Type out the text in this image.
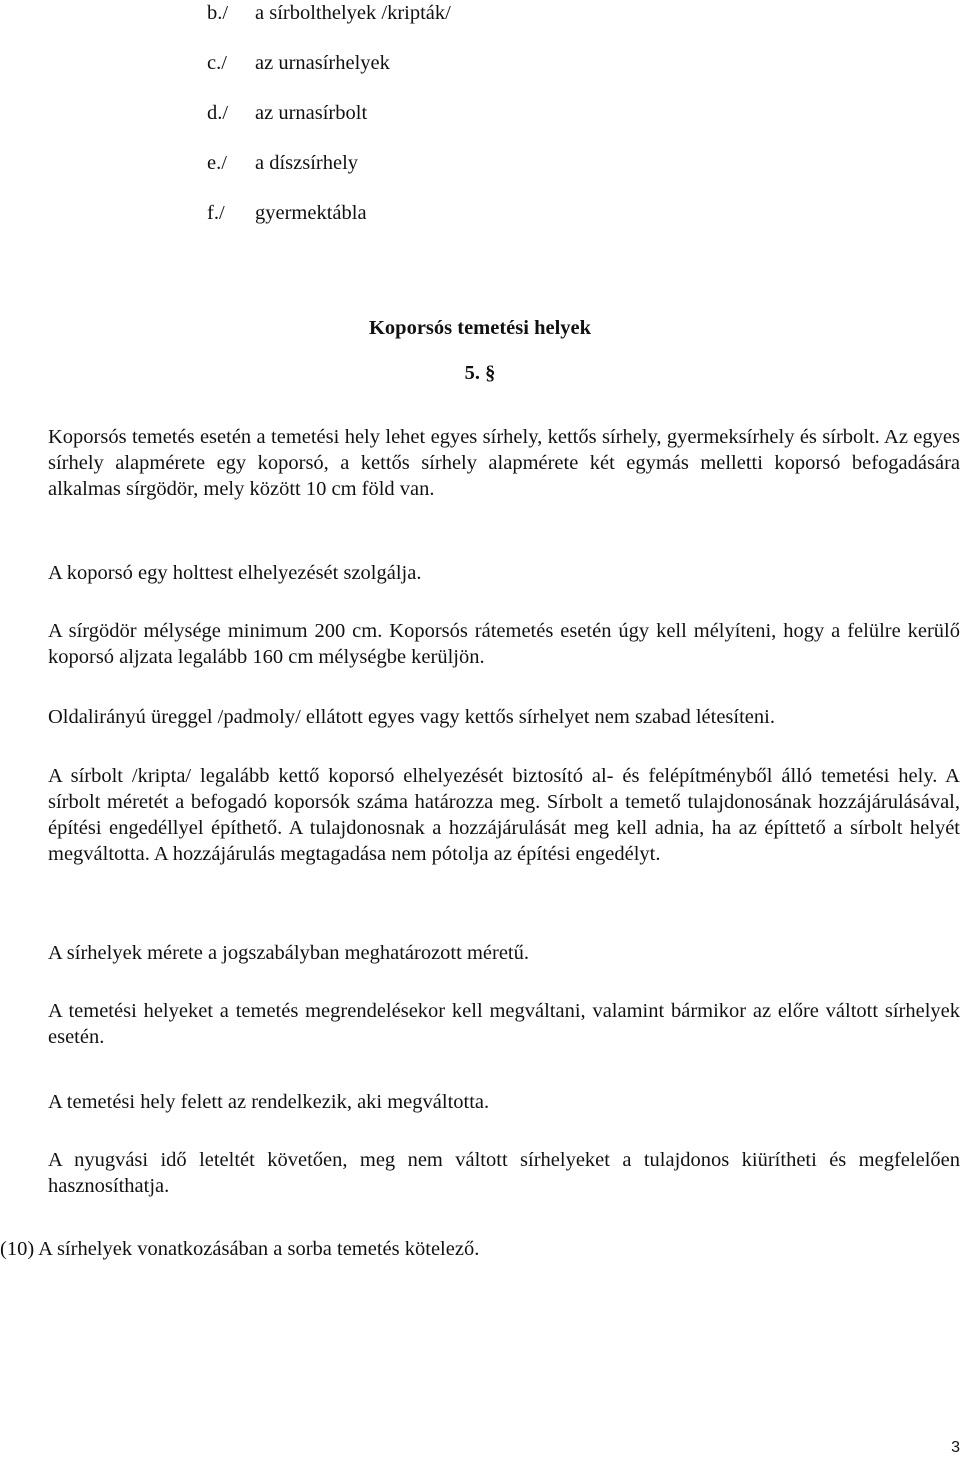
b./ a sírbolthelyek /kripták/
c./ az urnasírhelyek
d./ az urnasírbolt
e./ a díszsírhely
f./ gyermektábla
Koporsós temetési helyek
5. §
Koporsós temetés esetén a temetési hely lehet egyes sírhely, kettős sírhely, gyermeksírhely és sírbolt. Az egyes sírhely alapmérete egy koporsó, a kettős sírhely alapmérete két egymás melletti koporsó befogadására alkalmas sírgödör, mely között 10 cm föld van.
A koporsó egy holttest elhelyezését szolgálja.
A sírgödör mélysége minimum 200 cm. Koporsós rátemetés esetén úgy kell mélyíteni, hogy a felülre kerülő koporsó aljzata legalább 160 cm mélységbe kerüljön.
Oldalirányú üreggel /padmoly/ ellátott egyes vagy kettős sírhelyet nem szabad létesíteni.
A sírbolt /kripta/ legalább kettő koporsó elhelyezését biztosító al- és felépítményből álló temetési hely. A sírbolt méretét a befogadó koporsók száma határozza meg. Sírbolt a temető tulajdonosának hozzájárulásával, építési engedéllyel építhető. A tulajdonosnak a hozzájárulását meg kell adnia, ha az építtető a sírbolt helyét megváltotta. A hozzájárulás megtagadása nem pótolja az építési engedélyt.
A sírhelyek mérete a jogszabályban meghatározott méretű.
A temetési helyeket a temetés megrendelésekor kell megváltani, valamint bármikor az előre váltott sírhelyek esetén.
A temetési hely felett az rendelkezik, aki megváltotta.
A nyugvási idő leteltét követően, meg nem váltott sírhelyeket a tulajdonos kiürítheti és megfelelően hasznosíthatja.
(10) A sírhelyek vonatkozásában a sorba temetés kötelező.
3
